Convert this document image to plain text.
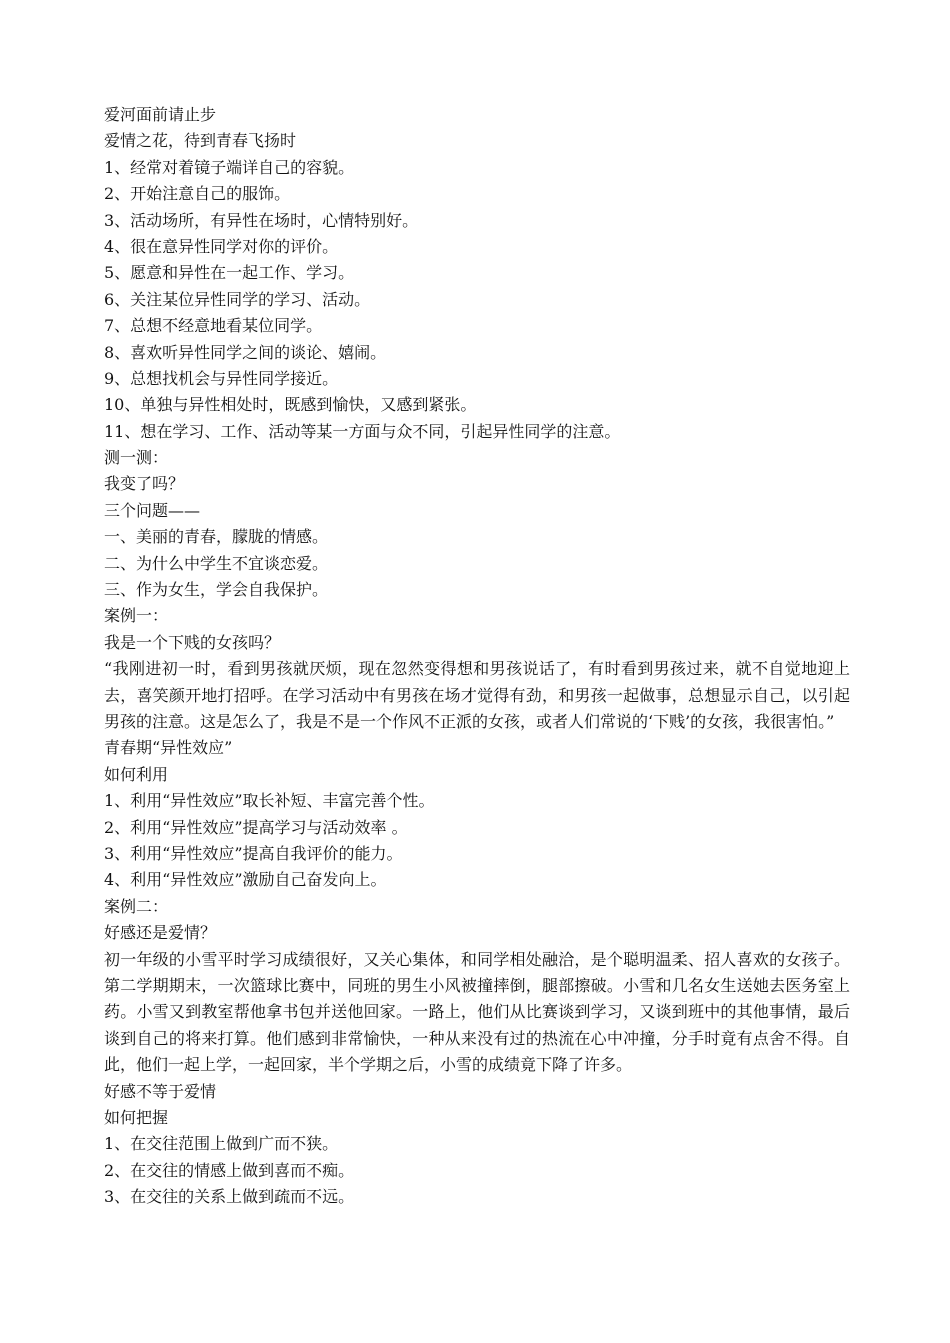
爱河面前请止步
爱情之花，待到青春飞扬时
1、经常对着镜子端详自己的容貌。
2、开始注意自己的服饰。
3、活动场所，有异性在场时，心情特别好。
4、很在意异性同学对你的评价。
5、愿意和异性在一起工作、学习。
6、关注某位异性同学的学习、活动。
7、总想不经意地看某位同学。
8、喜欢听异性同学之间的谈论、嬉闹。
9、总想找机会与异性同学接近。
10、单独与异性相处时，既感到愉快，又感到紧张。
11、想在学习、工作、活动等某一方面与众不同，引起异性同学的注意。
测一测：
我变了吗？
三个问题——
一、美丽的青春，朦胧的情感。
二、为什么中学生不宜谈恋爱。
三、作为女生，学会自我保护。
案例一：
我是一个下贱的女孩吗？

“我刚进初一时，看到男孩就厌烦，现在忽然变得想和男孩说话了，有时看到男孩过来，就不自觉地迎上去，喜笑颜开地打招呼。在学习活动中有男孩在场才觉得有劲，和男孩一起做事，总想显示自己，以引起男孩的注意。这是怎么了，我是不是一个作风不正派的女孩，或者人们常说的‘下贱’的女孩，我很害怕。”

青春期“异性效应”
如何利用
1、利用“异性效应”取长补短、丰富完善个性。
2、利用“异性效应”提高学习与活动效率 。
3、利用“异性效应”提高自我评价的能力。
4、利用“异性效应”激励自己奋发向上。
案例二：
好感还是爱情？

初一年级的小雪平时学习成绩很好，又关心集体，和同学相处融洽，是个聪明温柔、招人喜欢的女孩子。第二学期期末，一次篮球比赛中，同班的男生小风被撞摔倒，腿部擦破。小雪和几名女生送她去医务室上药。小雪又到教室帮他拿书包并送他回家。一路上，他们从比赛谈到学习，又谈到班中的其他事情，最后谈到自己的将来打算。他们感到非常愉快，一种从来没有过的热流在心中冲撞，分手时竟有点舍不得。自此，他们一起上学，一起回家，半个学期之后，小雪的成绩竟下降了许多。

好感不等于爱情
如何把握
1、在交往范围上做到广而不狭。
2、在交往的情感上做到喜而不痴。
3、在交往的关系上做到疏而不远。
